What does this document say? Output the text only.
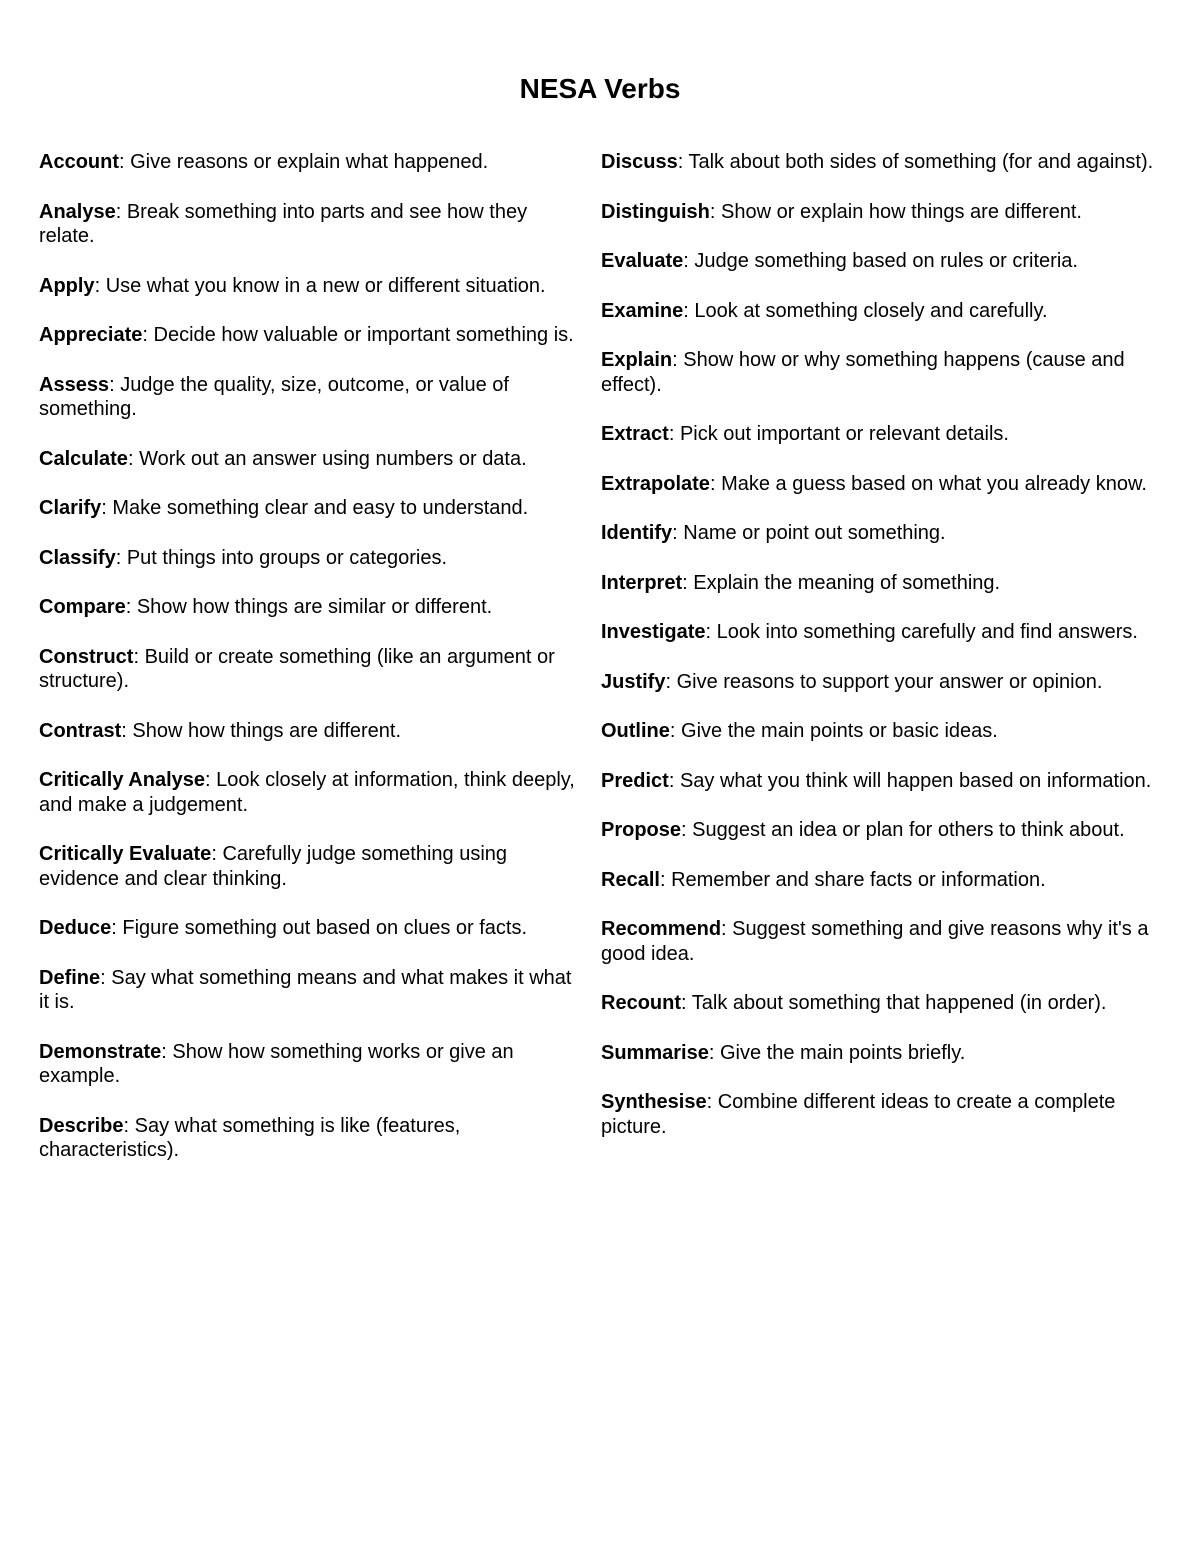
NESA Verbs

Account: Give reasons or explain what happened.

Analyse: Break something into parts and see how they relate.

Apply: Use what you know in a new or different situation.

Appreciate: Decide how valuable or important something is.

Assess: Judge the quality, size, outcome, or value of something.

Calculate: Work out an answer using numbers or data.

Clarify: Make something clear and easy to understand.

Classify: Put things into groups or categories.

Compare: Show how things are similar or different.

Construct: Build or create something (like an argument or structure).

Contrast: Show how things are different.

Critically Analyse: Look closely at information, think deeply, and make a judgement.

Critically Evaluate: Carefully judge something using evidence and clear thinking.

Deduce: Figure something out based on clues or facts.

Define: Say what something means and what makes it what it is.

Demonstrate: Show how something works or give an example.

Describe: Say what something is like (features, characteristics).

Discuss: Talk about both sides of something (for and against).

Distinguish: Show or explain how things are different.

Evaluate: Judge something based on rules or criteria.

Examine: Look at something closely and carefully.

Explain: Show how or why something happens (cause and effect).

Extract: Pick out important or relevant details.

Extrapolate: Make a guess based on what you already know.

Identify: Name or point out something.

Interpret: Explain the meaning of something.

Investigate: Look into something carefully and find answers.

Justify: Give reasons to support your answer or opinion.

Outline: Give the main points or basic ideas.

Predict: Say what you think will happen based on information.

Propose: Suggest an idea or plan for others to think about.

Recall: Remember and share facts or information.

Recommend: Suggest something and give reasons why it's a good idea.

Recount: Talk about something that happened (in order).

Summarise: Give the main points briefly.

Synthesise: Combine different ideas to create a complete picture.
